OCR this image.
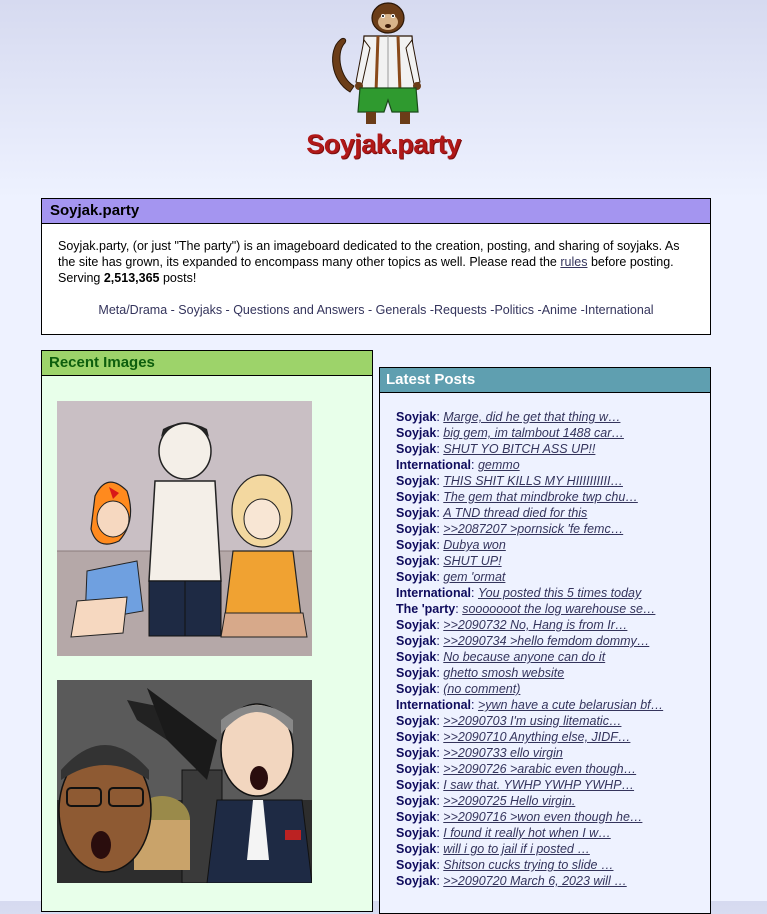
Soyjak.party
Soyjak.party
Soyjak.party, (or just "The party") is an imageboard dedicated to the creation, posting, and sharing of soyjaks. As the site has grown, its expanded to encompass many other topics as well. Please read the rules before posting. Serving 2,513,365 posts!
Meta/Drama - Soyjaks - Questions and Answers - Generals -Requests -Politics -Anime -International
Recent Images
Latest Posts
Soyjak: Marge, did he get that thing w…
Soyjak: big gem, im talmbout 1488 car…
Soyjak: SHUT YO BITCH ASS UP!!
International: gemmo
Soyjak: THIS SHIT KILLS MY HIIIIIIIIII…
Soyjak: The gem that mindbroke twp chu…
Soyjak: A TND thread died for this
Soyjak: >>2087207 >pornsick 'fe femc…
Soyjak: Dubya won
Soyjak: SHUT UP!
Soyjak: gem 'ormat
International: You posted this 5 times today
The 'party: sooooooot the log warehouse se…
Soyjak: >>2090732 No, Hang is from Ir…
Soyjak: >>2090734 >hello femdom dommy…
Soyjak: No because anyone can do it
Soyjak: ghetto smosh website
Soyjak: (no comment)
International: >ywn have a cute belarusian bf…
Soyjak: >>2090703 I'm using litematic…
Soyjak: >>2090710 Anything else, JIDF…
Soyjak: >>2090733 ello virgin
Soyjak: >>2090726 >arabic even though…
Soyjak: I saw that. YWHP YWHP YWHP…
Soyjak: >>2090725 Hello virgin.
Soyjak: >>2090716 >won even though he…
Soyjak: I found it really hot when I w…
Soyjak: will i go to jail if i posted …
Soyjak: Shitson cucks trying to slide …
Soyjak: >>2090720 March 6, 2023 will …
